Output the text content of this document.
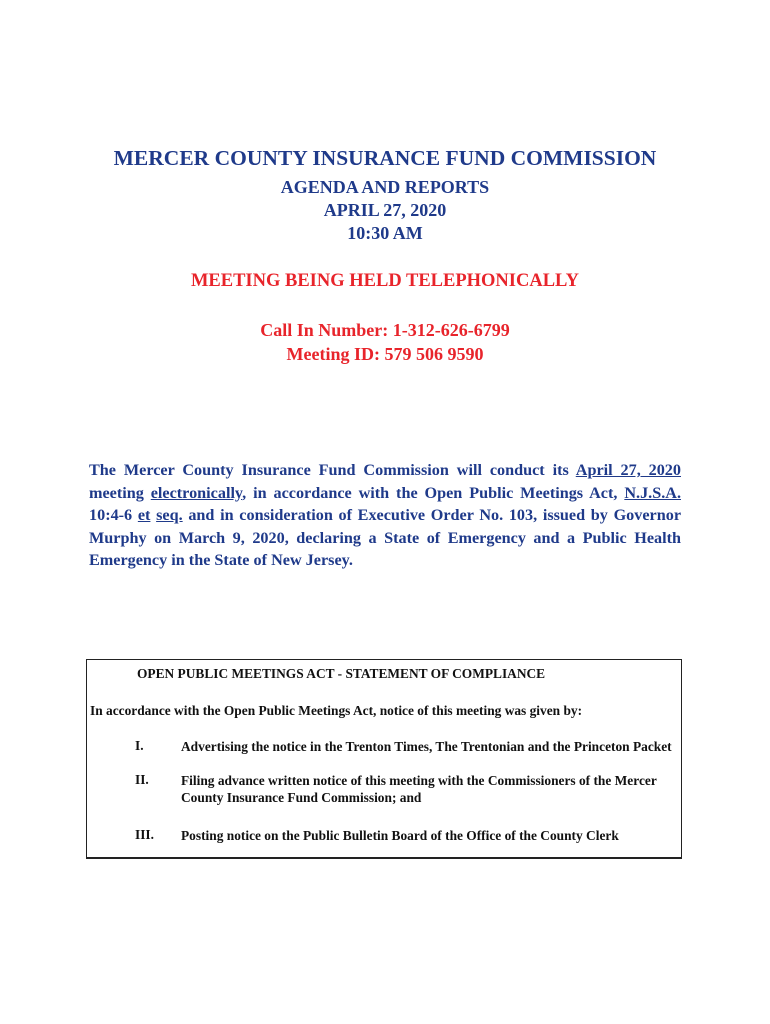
MERCER COUNTY INSURANCE FUND COMMISSION
AGENDA AND REPORTS
APRIL 27, 2020
10:30 AM
MEETING BEING HELD TELEPHONICALLY
Call In Number: 1-312-626-6799
Meeting ID: 579 506 9590
The Mercer County Insurance Fund Commission will conduct its April 27, 2020 meeting electronically, in accordance with the Open Public Meetings Act, N.J.S.A. 10:4-6 et seq. and in consideration of Executive Order No. 103, issued by Governor Murphy on March 9, 2020, declaring a State of Emergency and a Public Health Emergency in the State of New Jersey.
OPEN PUBLIC MEETINGS ACT - STATEMENT OF COMPLIANCE
In accordance with the Open Public Meetings Act, notice of this meeting was given by:
I.	Advertising the notice in the Trenton Times, The Trentonian and the Princeton Packet
II. Filing advance written notice of this meeting with the Commissioners of the Mercer County Insurance Fund Commission; and
III. Posting notice on the Public Bulletin Board of the Office of the County Clerk
